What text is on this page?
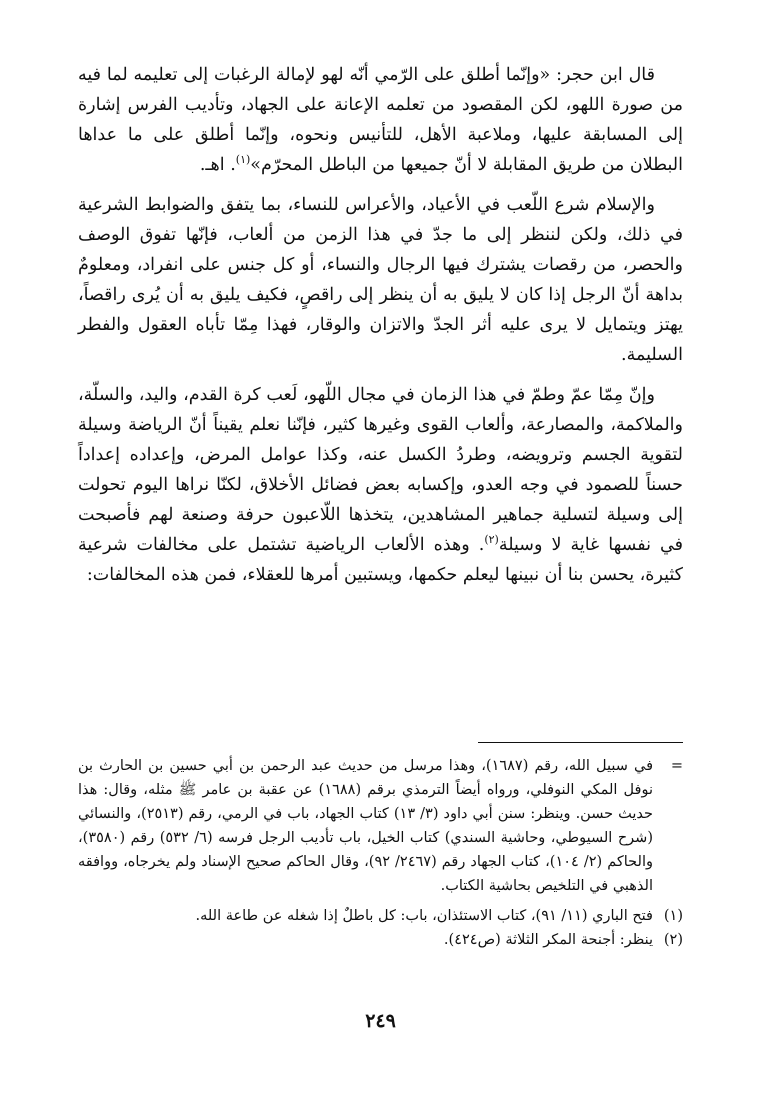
قال ابن حجر: «وإنّما أطلق على الرّمي أنّه لهو لإمالة الرغبات إلى تعليمه لما فيه من صورة اللهو، لكن المقصود من تعلمه الإعانة على الجهاد، وتأديب الفرس إشارة إلى المسابقة عليها، وملاعبة الأهل، للتأنيس ونحوه، وإنّما أطلق على ما عداها البطلان من طريق المقابلة لا أنّ جميعها من الباطل المحرّم»$^{(١)}$. اهـ.

والإسلام شرع اللّعب في الأعياد، والأعراس للنساء، بما يتفق والضوابط الشرعية في ذلك، ولكن لننظر إلى ما جدّ في هذا الزمن من ألعاب، فإنّها تفوق الوصف والحصر، من رقصات يشترك فيها الرجال والنساء، أو كل جنس على انفراد، ومعلومٌ بداهة أنّ الرجل إذا كان لا يليق به أن ينظر إلى راقصٍ، فكيف يليق به أن يُرى راقصاً، يهتز ويتمايل لا يرى عليه أثر الجدّ والاتزان والوقار، فهذا مِمّا تأباه العقول والفطر السليمة.

وإنّ مِمّا عمّ وطمّ في هذا الزمان في مجال اللّهو، لَعب كرة القدم، واليد، والسلّة، والملاكمة، والمصارعة، وألعاب القوى وغيرها كثير، فإنّنا نعلم يقيناً أنّ الرياضة وسيلة لتقوية الجسم وترويضه، وطردُ الكسل عنه، وكذا عوامل المرض، وإعداده إعداداً حسناً للصمود في وجه العدو، وإكسابه بعض فضائل الأخلاق، لكنّا نراها اليوم تحولت إلى وسيلة لتسلية جماهير المشاهدين، يتخذها اللّاعبون حرفة وصنعة لهم فأصبحت في نفسها غاية لا وسيلة$^{(٢)}$. وهذه الألعاب الرياضية تشتمل على مخالفات شرعية كثيرة، يحسن بنا أن نبينها ليعلم حكمها، ويستبين أمرها للعقلاء، فمن هذه المخالفات:

=
في سبيل الله، رقم (١٦٨٧)، وهذا مرسل من حديث عبد الرحمن بن أبي حسين بن الحارث بن نوفل المكي النوفلي، ورواه أيضاً الترمذي برقم (١٦٨٨) عن عقبة بن عامر ﷺ مثله، وقال: هذا حديث حسن. وينظر: سنن أبي داود (٣/ ١٣) كتاب الجهاد، باب في الرمي، رقم (٢٥١٣)، والنسائي (شرح السيوطي، وحاشية السندي) كتاب الخيل، باب تأديب الرجل فرسه (٦/ ٥٣٢) رقم (٣٥٨٠)، والحاكم (٢/ ١٠٤)، كتاب الجهاد رقم (٢٤٦٧/ ٩٢)، وقال الحاكم صحيح الإسناد ولم يخرجاه، ووافقه الذهبي في التلخيص بحاشية الكتاب.
(١)
فتح الباري (١١/ ٩١)، كتاب الاستئذان، باب: كل باطلٌ إذا شغله عن طاعة الله.
(٢)
ينظر: أجنحة المكر الثلاثة (ص٤٢٤).
٢٤٩
